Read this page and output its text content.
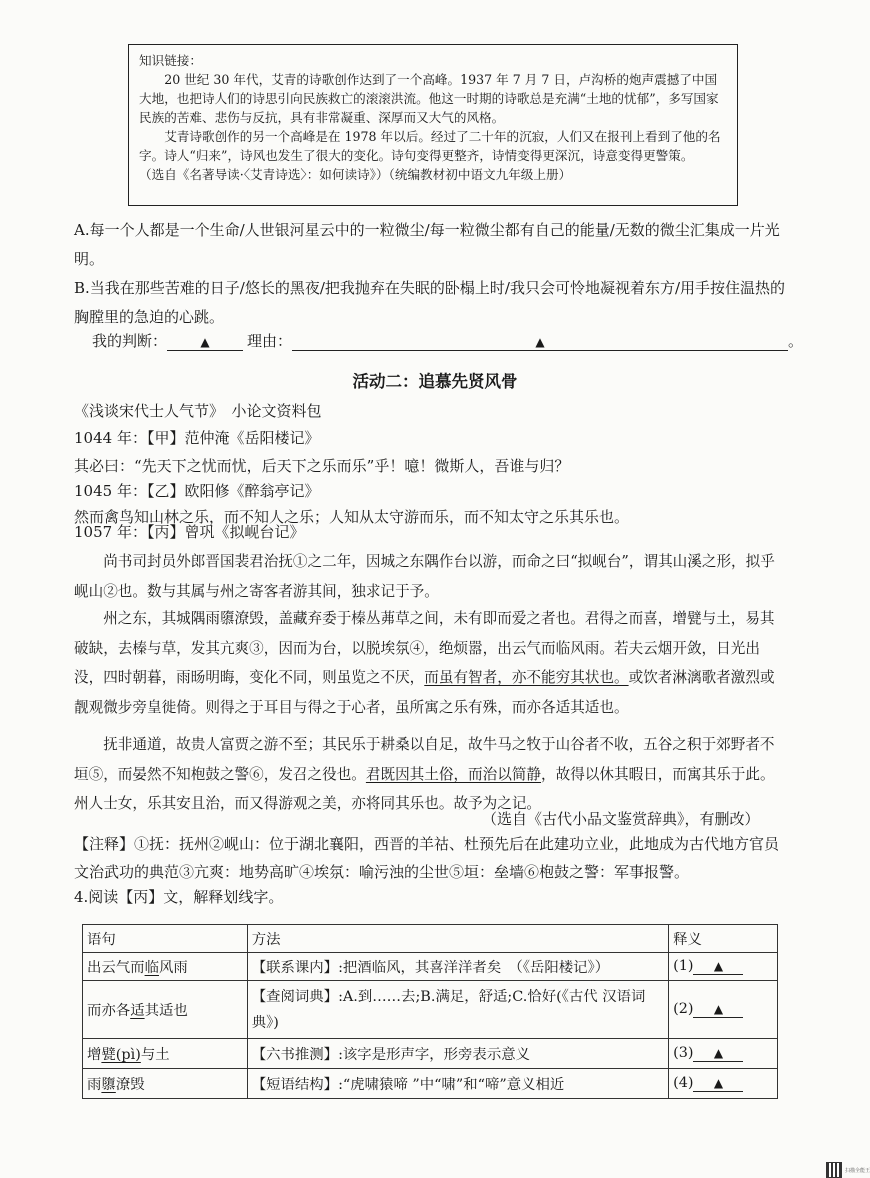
知识链接：

20 世纪 30 年代，艾青的诗歌创作达到了一个高峰。1937 年 7 月 7 日，卢沟桥的炮声震撼了中国大地，也把诗人们的诗思引向民族救亡的滚滚洪流。他这一时期的诗歌总是充满“土地的忧郁”，多写国家民族的苦难、悲伤与反抗，具有非常凝重、深厚而又大气的风格。

艾青诗歌创作的另一个高峰是在 1978 年以后。经过了二十年的沉寂，人们又在报刊上看到了他的名字。诗人“归来”，诗风也发生了很大的变化。诗句变得更整齐，诗情变得更深沉，诗意变得更警策。

（选自《名著导读·〈艾青诗选〉：如何读诗》）（统编教材初中语文九年级上册）

A.每一个人都是一个生命/人世银河星云中的一粒微尘/每一粒微尘都有自己的能量/无数的微尘汇集成一片光明。
B.当我在那些苦难的日子/悠长的黑夜/把我抛弃在失眠的卧榻上时/我只会可怜地凝视着东方/用手按住温热的胸膛里的急迫的心跳。
我的判断：	▲ 理由：	▲	。
活动二：追慕先贤风骨
《浅谈宋代士人气节》　小论文资料包
1044 年：【甲】范仲淹《岳阳楼记》
其必曰：“先天下之忧而忧，后天下之乐而乐”乎！噫！微斯人，吾谁与归？
1045 年：【乙】欧阳修《醉翁亭记》
然而禽鸟知山林之乐，而不知人之乐；人知从太守游而乐，而不知太守之乐其乐也。
1057 年：【丙】曾巩《拟岘台记》
尚书司封员外郎晋国裴君治抚①之二年，因城之东隅作台以游，而命之曰“拟岘台”，谓其山溪之形，拟乎岘山②也。数与其属与州之寄客者游其间，独求记于予。
州之东，其城隅雨隳潦毁，盖藏弃委于榛丛茀草之间，未有即而爱之者也。君得之而喜，增甓与土，易其破缺，去榛与草，发其亢爽③，因而为台，以脱埃氛④，绝烦嚣，出云气而临风雨。若夫云烟开敛，日光出没，四时朝暮，雨旸明晦，变化不同，则虽览之不厌，而虽有智者，亦不能穷其状也。或饮者淋漓歌者激烈或靓观微步旁皇徙倚。则得之于耳目与得之于心者，虽所寓之乐有殊，而亦各适其适也。
抚非通道，故贵人富贾之游不至；其民乐于耕桑以自足，故牛马之牧于山谷者不收，五谷之积于郊野者不垣⑤，而晏然不知枹鼓之警⑥，发召之役也。君既因其土俗，而治以简静，故得以休其暇日，而寓其乐于此。州人士女，乐其安且治，而又得游观之美，亦将同其乐也。故予为之记。
（选自《古代小品文鉴赏辞典》，有删改）
【注释】①抚：抚州②岘山：位于湖北襄阳，西晋的羊祜、杜预先后在此建功立业，此地成为古代地方官员文治武功的典范③亢爽：地势高旷④埃氛：喻污浊的尘世⑤垣：垒墙⑥枹鼓之警：军事报警。
4.阅读【丙】文，解释划线字。
语句	方法	释义
出云气而临风雨	【联系课内】:把酒临风，其喜洋洋者矣　（《岳阳楼记》）	(1) ▲
而亦各适其适也	【查阅词典】:A.到……去;B.满足，舒适;C.恰好(《古代 汉语词典》)	(2) ▲
增甓(pì)与土	【六书推测】:该字是形声字，形旁表示意义	(3) ▲
雨隳潦毁	【短语结构】:“虎啸猿啼 ”中“啸”和“啼”意义相近	(4) ▲
扫描全能王
